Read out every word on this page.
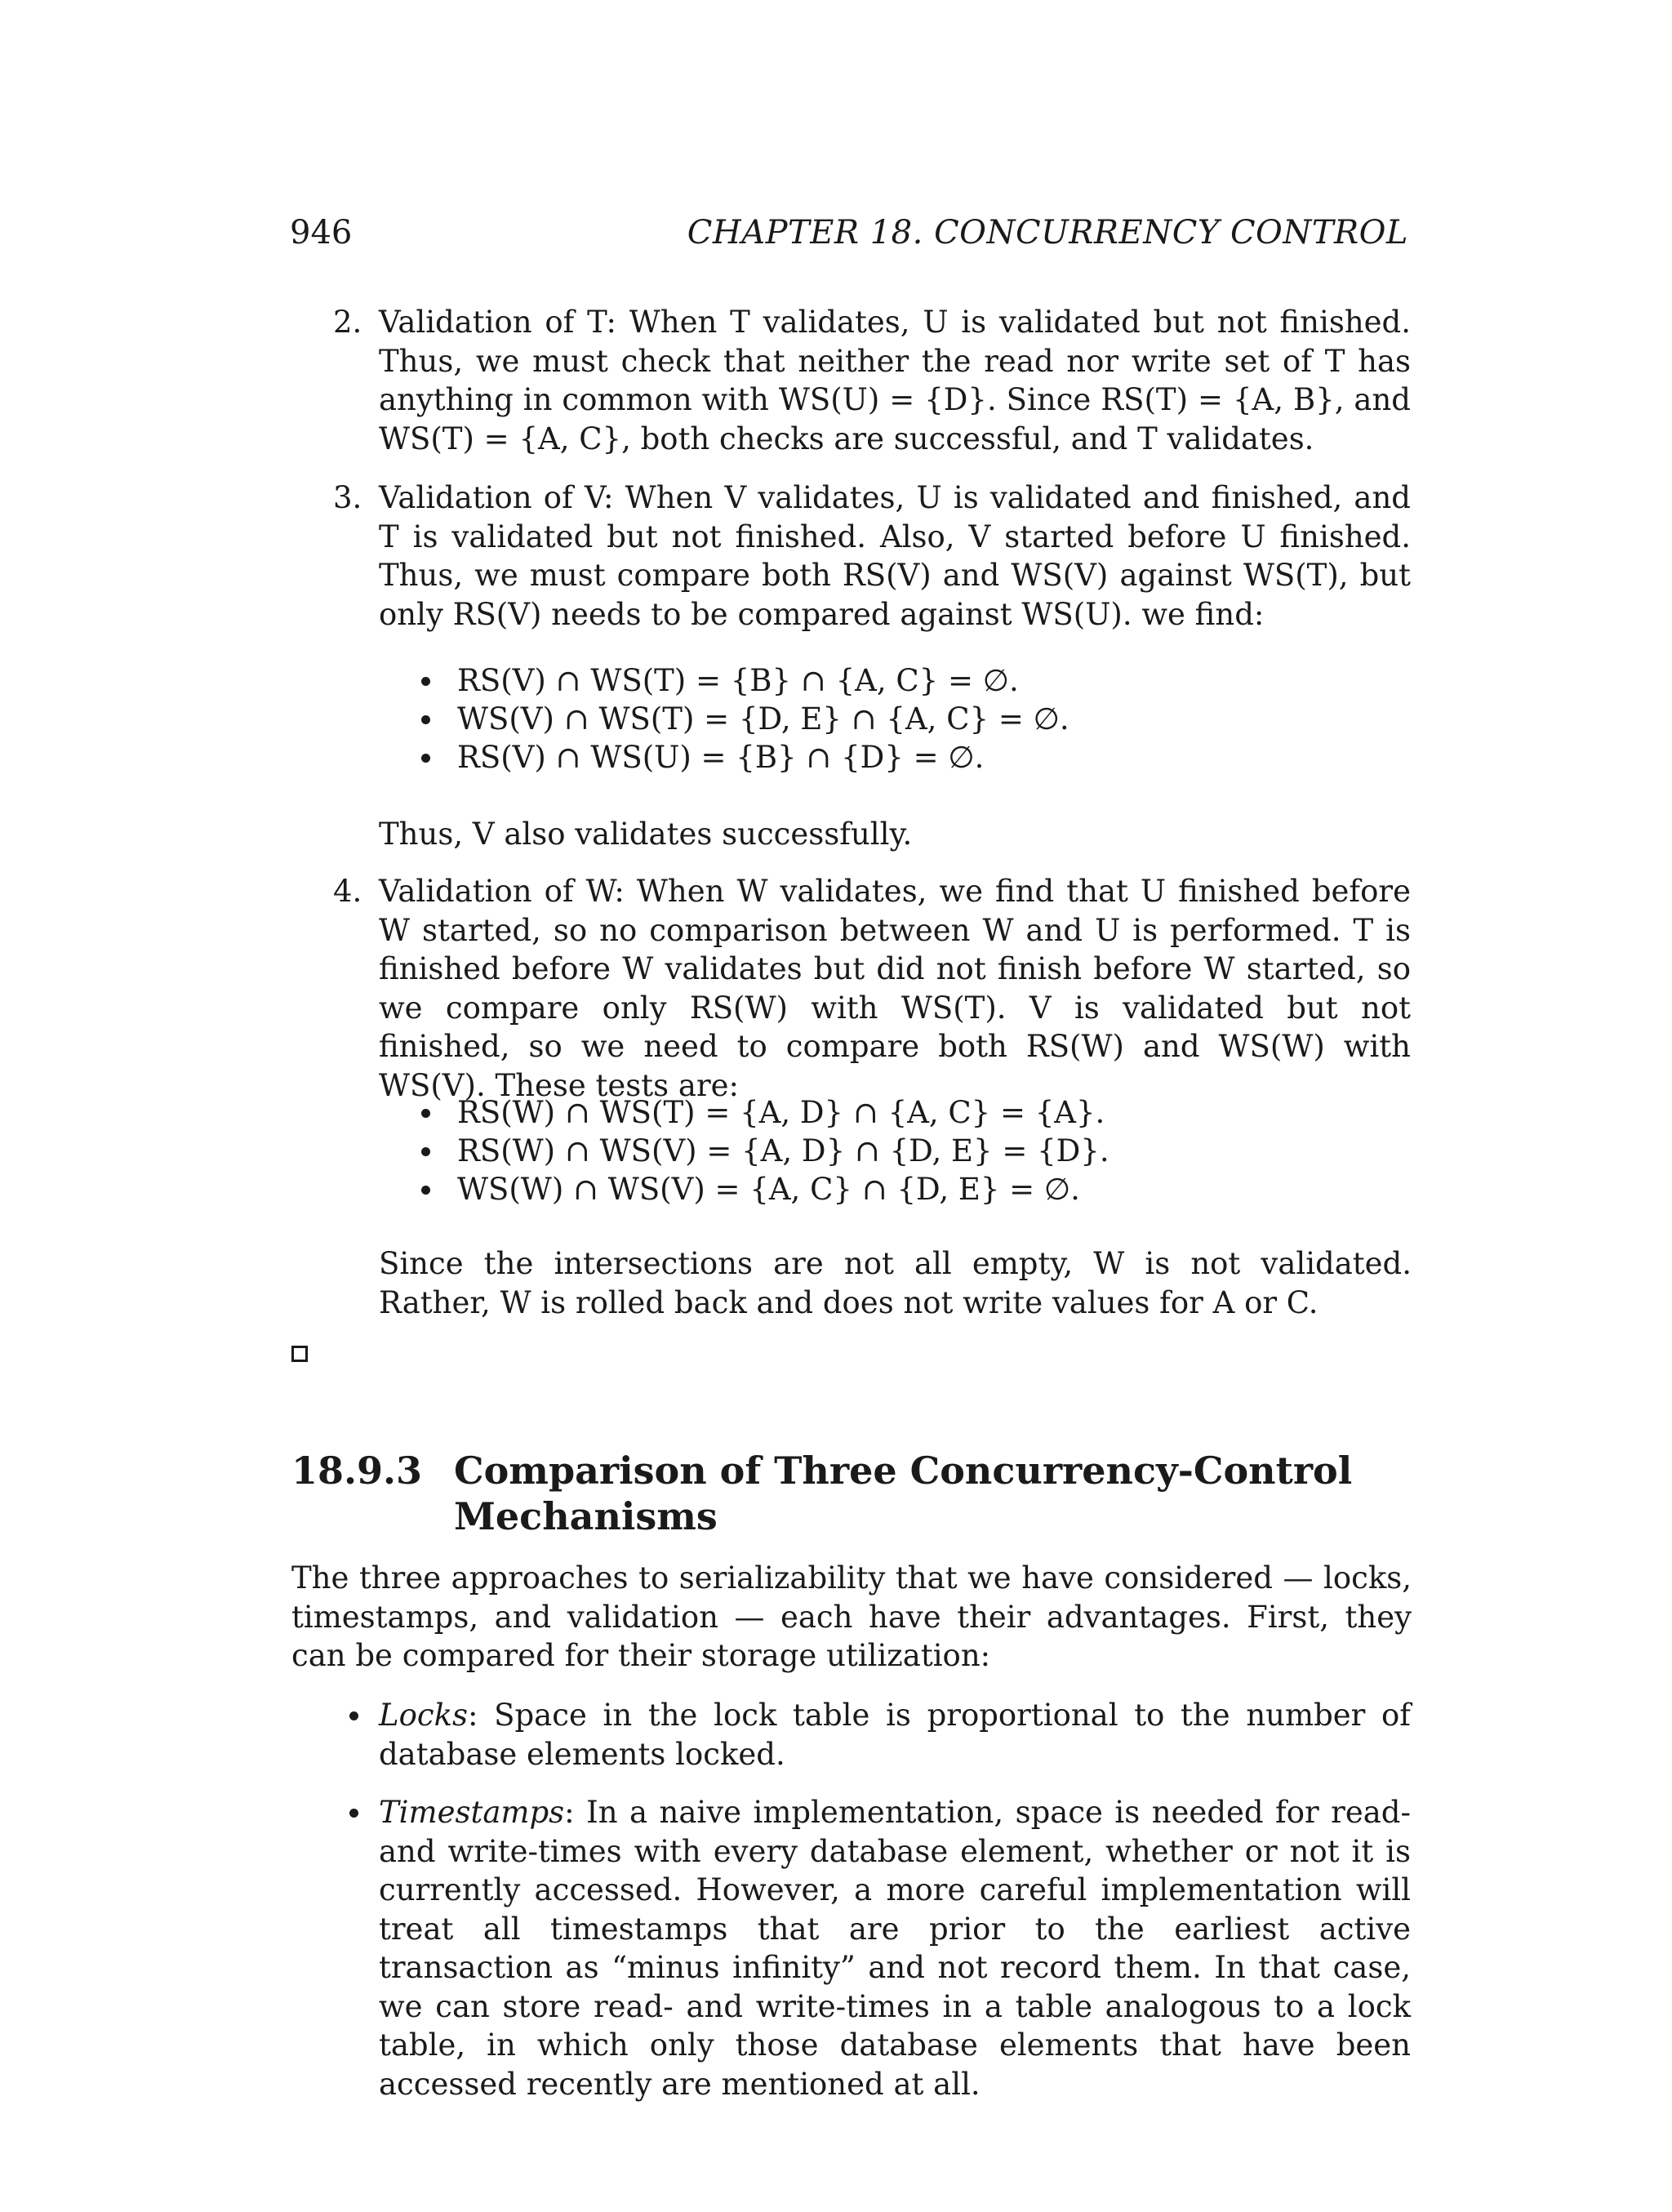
946	CHAPTER 18. CONCURRENCY CONTROL
2. Validation of T: When T validates, U is validated but not finished. Thus, we must check that neither the read nor write set of T has anything in common with WS(U) = {D}. Since RS(T) = {A, B}, and WS(T) = {A, C}, both checks are successful, and T validates.
3. Validation of V: When V validates, U is validated and finished, and T is validated but not finished. Also, V started before U finished. Thus, we must compare both RS(V) and WS(V) against WS(T), but only RS(V) needs to be compared against WS(U). we find:
RS(V) ∩ WS(T) = {B} ∩ {A, C} = ∅.
WS(V) ∩ WS(T) = {D, E} ∩ {A, C} = ∅.
RS(V) ∩ WS(U) = {B} ∩ {D} = ∅.
Thus, V also validates successfully.
4. Validation of W: When W validates, we find that U finished before W started, so no comparison between W and U is performed. T is finished before W validates but did not finish before W started, so we compare only RS(W) with WS(T). V is validated but not finished, so we need to compare both RS(W) and WS(W) with WS(V). These tests are:
RS(W) ∩ WS(T) = {A, D} ∩ {A, C} = {A}.
RS(W) ∩ WS(V) = {A, D} ∩ {D, E} = {D}.
WS(W) ∩ WS(V) = {A, C} ∩ {D, E} = ∅.
Since the intersections are not all empty, W is not validated. Rather, W is rolled back and does not write values for A or C.
18.9.3 Comparison of Three Concurrency-Control Mechanisms
The three approaches to serializability that we have considered — locks, timestamps, and validation — each have their advantages. First, they can be compared for their storage utilization:
Locks: Space in the lock table is proportional to the number of database elements locked.
Timestamps: In a naive implementation, space is needed for read- and write-times with every database element, whether or not it is currently accessed. However, a more careful implementation will treat all timestamps that are prior to the earliest active transaction as “minus infinity” and not record them. In that case, we can store read- and write-times in a table analogous to a lock table, in which only those database elements that have been accessed recently are mentioned at all.
